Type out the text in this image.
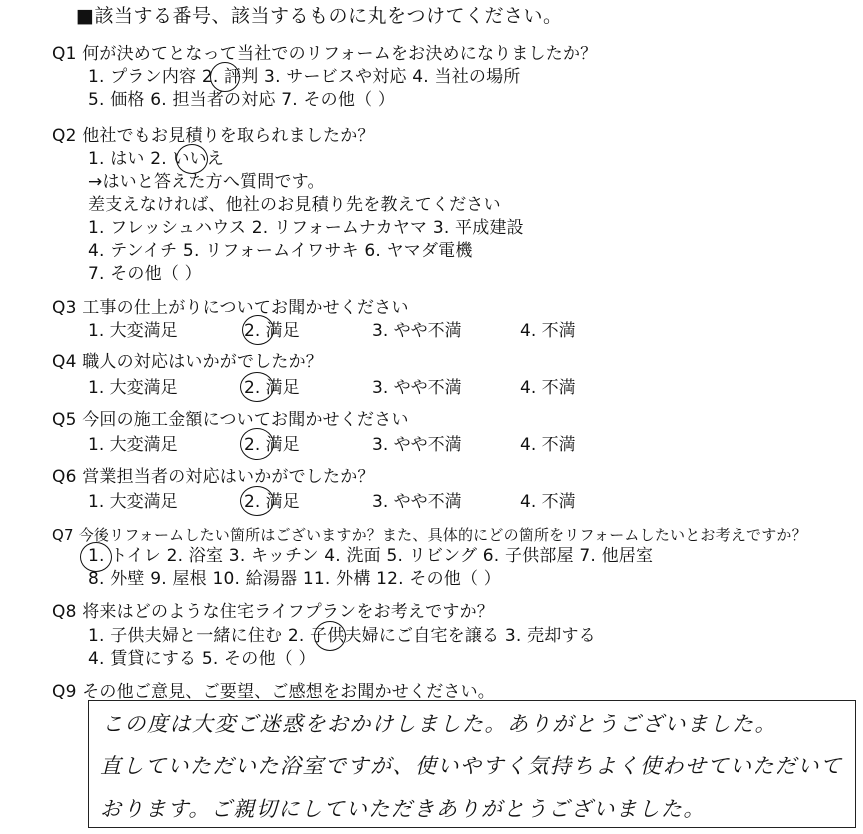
■該当する番号、該当するものに丸をつけてください。
Q1 何が決めてとなって当社でのリフォームをお決めになりましたか？
1. プラン内容 2. 評判 3. サービスや対応 4. 当社の場所
5. 価格 6. 担当者の対応 7. その他（ ）
Q2 他社でもお見積りを取られましたか？
1. はい 2. いいえ
→はいと答えた方へ質問です。
差支えなければ、他社のお見積り先を教えてください
1. フレッシュハウス 2. リフォームナカヤマ 3. 平成建設
4. テンイチ 5. リフォームイワサキ 6. ヤマダ電機
7. その他（ ）
Q3 工事の仕上がりについてお聞かせください
1. 大変満足	2. 満足	3. やや不満	4. 不満
Q4 職人の対応はいかがでしたか？
1. 大変満足	2. 満足	3. やや不満	4. 不満
Q5 今回の施工金額についてお聞かせください
1. 大変満足	2. 満足	3. やや不満	4. 不満
Q6 営業担当者の対応はいかがでしたか？
1. 大変満足	2. 満足	3. やや不満	4. 不満
Q7 今後リフォームしたい箇所はございますか？また、具体的にどの箇所をリフォームしたいとお考えですか？
1. トイレ 2. 浴室 3. キッチン 4. 洗面 5. リビング 6. 子供部屋 7. 他居室
8. 外壁 9. 屋根 10. 給湯器 11. 外構 12. その他（ ）
Q8 将来はどのような住宅ライフプランをお考えですか？
1. 子供夫婦と一緒に住む 2. 子供夫婦にご自宅を譲る 3. 売却する
4. 賃貸にする 5. その他（ ）
Q9 その他ご意見、ご要望、ご感想をお聞かせください。
この度は大変ご迷惑をおかけしました。ありがとうございました。
直していただいた浴室ですが、使いやすく気持ちよく使わせていただいて
おります。ご親切にしていただきありがとうございました。
